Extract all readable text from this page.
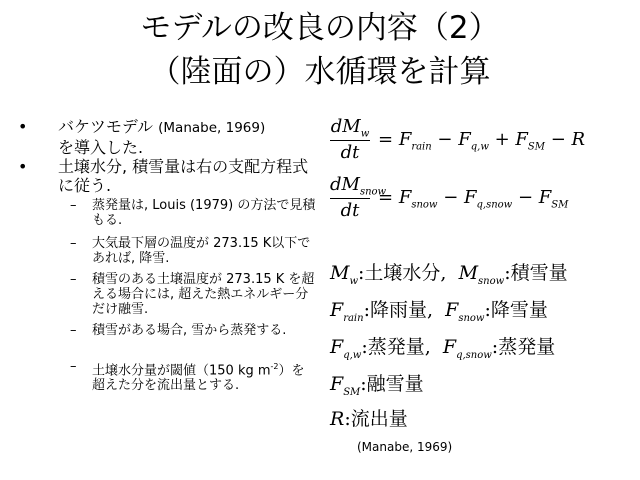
モデルの改良の内容（2）
（陸面の）水循環を計算
• バケツモデル (Manabe, 1969)
を導入した.
• 土壌水分, 積雪量は右の支配方程式に従う.
– 蒸発量は, Louis (1979) の方法で見積もる.
– 大気最下層の温度が 273.15 K以下であれば, 降雪.
– 積雪のある土壌温度が 273.15 K を超える場合には, 超えた熱エネルギー分だけ融雪.
– 積雪がある場合, 雪から蒸発する.
– 土壌水分量が閾値（150 kg $m^{-2}$）を超えた分を流出量とする.
$dM_w$
dt
= $F_{rain} - F_{q,w} + F_{SM} - R$
$dM_{snow}$
dt
= $F_{snow} - F_{q,snow} - F_{SM}$
$M_w$:土壌水分, $M_{snow}$:積雪量
$F_{rain}$:降雨量, $F_{snow}$:降雪量
$F_{q,w}$:蒸発量, $F_{q,snow}$:蒸発量
$F_{SM}$:融雪量
R:流出量
(Manabe, 1969)
